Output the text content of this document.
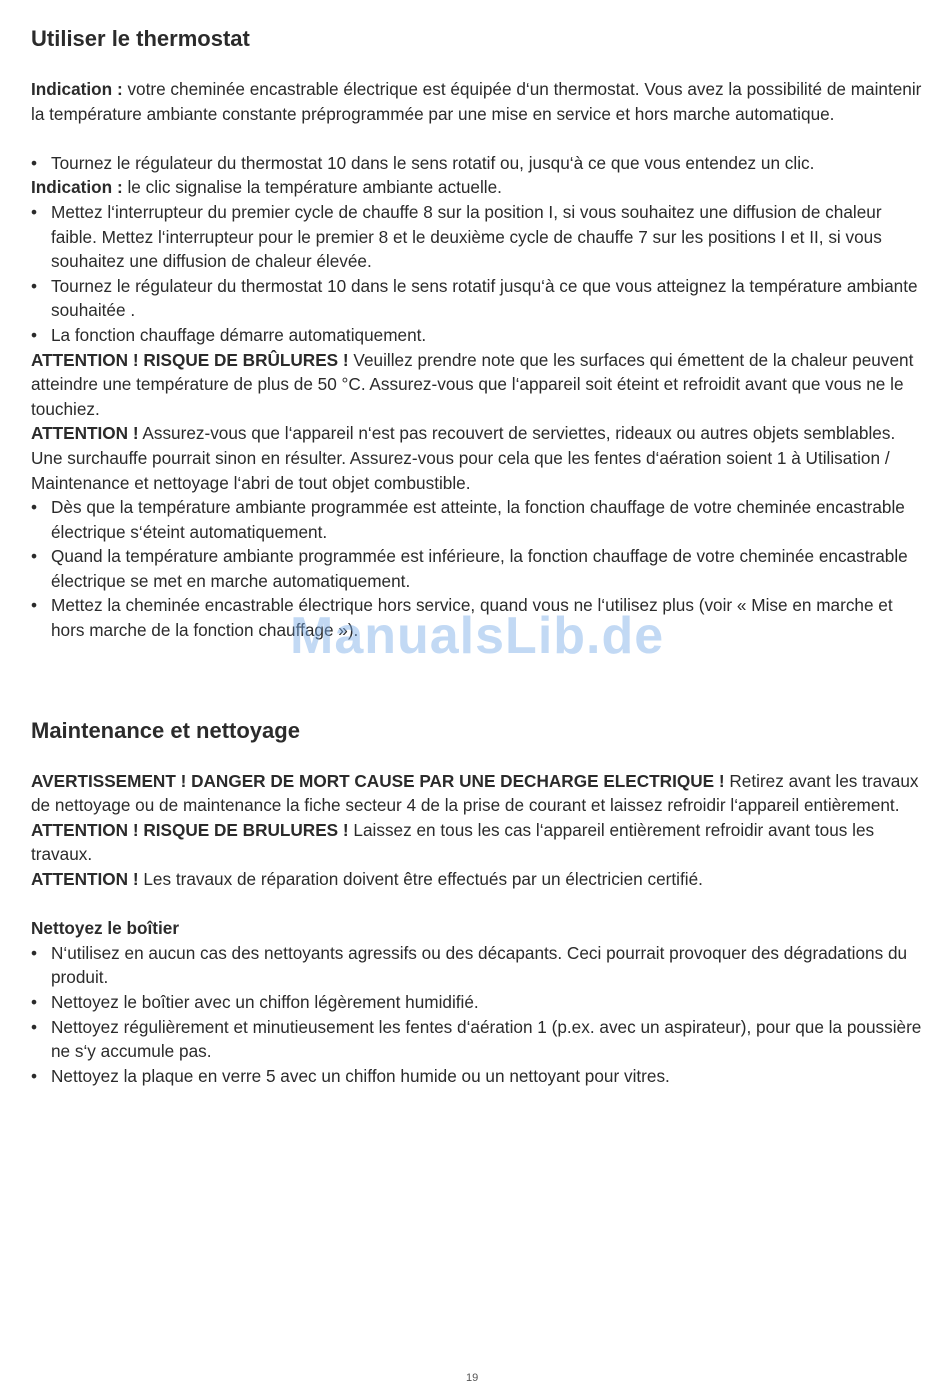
Utiliser le thermostat

Indication : votre cheminée encastrable électrique est équipée d‘un thermostat. Vous avez la possibilité de maintenir la température ambiante constante préprogrammée par une mise en service et hors marche automatique.

• Tournez le régulateur du thermostat 10 dans le sens rotatif ou, jusqu‘à ce que vous entendez un clic.

Indication : le clic signalise la température ambiante actuelle.

• Mettez l‘interrupteur du premier cycle de chauffe 8 sur la position I, si vous souhaitez une diffusion de chaleur faible. Mettez l‘interrupteur pour le premier 8 et le deuxième cycle de chauffe 7 sur les positions I et II, si vous souhaitez une diffusion de chaleur élevée.
• Tournez le régulateur du thermostat 10 dans le sens rotatif jusqu‘à ce que vous atteignez la température ambiante souhaitée .
• La fonction chauffage démarre automatiquement.

ATTENTION ! RISQUE DE BRÛLURES ! Veuillez prendre note que les surfaces qui émettent de la chaleur peuvent atteindre une température de plus de 50 °C. Assurez-vous que l‘appareil soit éteint et refroidit avant que vous ne le touchiez.

ATTENTION ! Assurez-vous que l‘appareil n‘est pas recouvert de serviettes, rideaux ou autres objets semblables. Une surchauffe pourrait sinon en résulter. Assurez-vous pour cela que les fentes d‘aération soient 1 à Utilisation / Maintenance et nettoyage l‘abri de tout objet combustible.

• Dès que la température ambiante programmée est atteinte, la fonction chauffage de votre cheminée encastrable électrique s‘éteint automatiquement.
• Quand la température ambiante programmée est inférieure, la fonction chauffage de votre cheminée encastrable électrique se met en marche automatiquement.
• Mettez la cheminée encastrable électrique hors service, quand vous ne l‘utilisez plus (voir « Mise en marche et hors marche de la fonction chauffage »).
Maintenance et nettoyage

AVERTISSEMENT ! DANGER DE MORT CAUSE PAR UNE DECHARGE ELECTRIQUE ! Retirez avant les travaux de nettoyage ou de maintenance la fiche secteur 4 de la prise de courant et laissez refroidir l‘appareil entièrement.

ATTENTION ! RISQUE DE BRULURES ! Laissez en tous les cas l‘appareil entièrement refroidir avant tous les travaux.

ATTENTION ! Les travaux de réparation doivent être effectués par un électricien certifié.

Nettoyez le boîtier

• N‘utilisez en aucun cas des nettoyants agressifs ou des décapants. Ceci pourrait provoquer des dégradations du produit.
• Nettoyez le boîtier avec un chiffon légèrement humidifié.
• Nettoyez régulièrement et minutieusement les fentes d‘aération 1 (p.ex. avec un aspirateur), pour que la poussière ne s‘y accumule pas.
• Nettoyez la plaque en verre 5 avec un chiffon humide ou un nettoyant pour vitres.
ManualsLib.de
19
